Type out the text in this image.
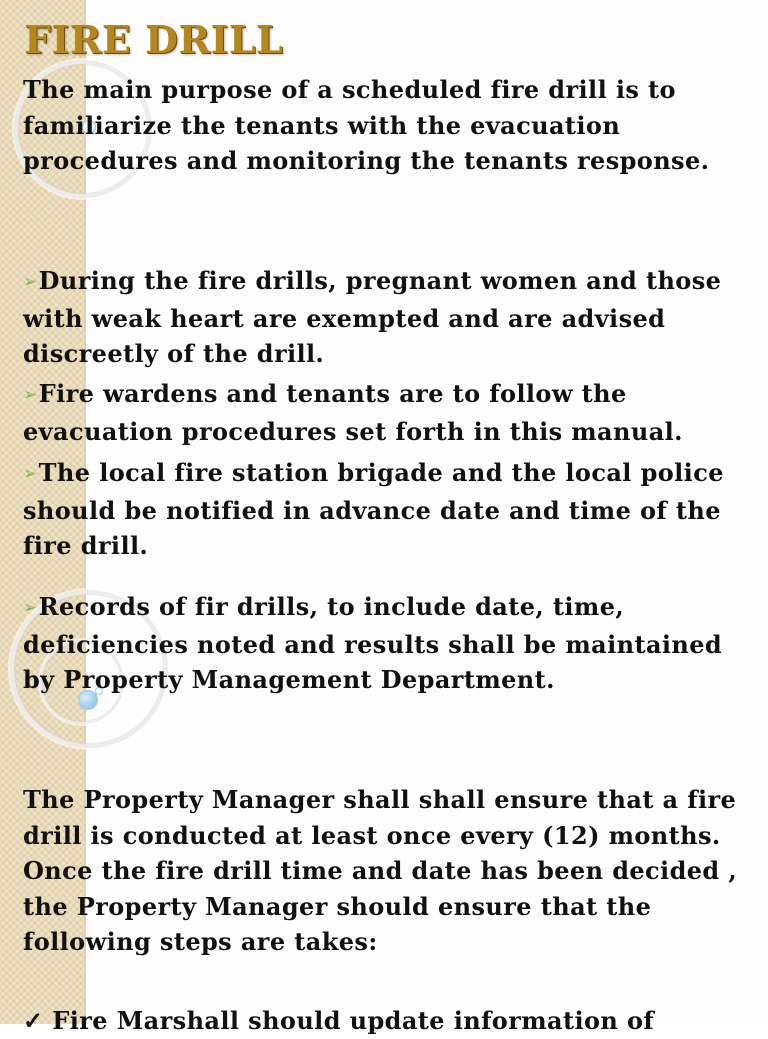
FIRE DRILL

The main purpose of a scheduled fire drill is to familiarize the tenants with the evacuation procedures and monitoring the tenants response.

➢During the fire drills, pregnant women and those with weak heart are exempted and are advised discreetly of the drill.

➢Fire wardens and tenants are to follow the evacuation procedures set forth in this manual.

➢The local fire station brigade and the local police should be notified in advance date and time of the fire drill.

➢Records of fir drills, to include date, time, deficiencies noted and results shall be maintained by Property Management Department.

The Property Manager shall shall ensure that a fire drill is conducted at least once every (12) months. Once the fire drill time and date has been decided , the Property Manager should ensure that the following steps are takes:

✓ Fire Marshall should update information of
